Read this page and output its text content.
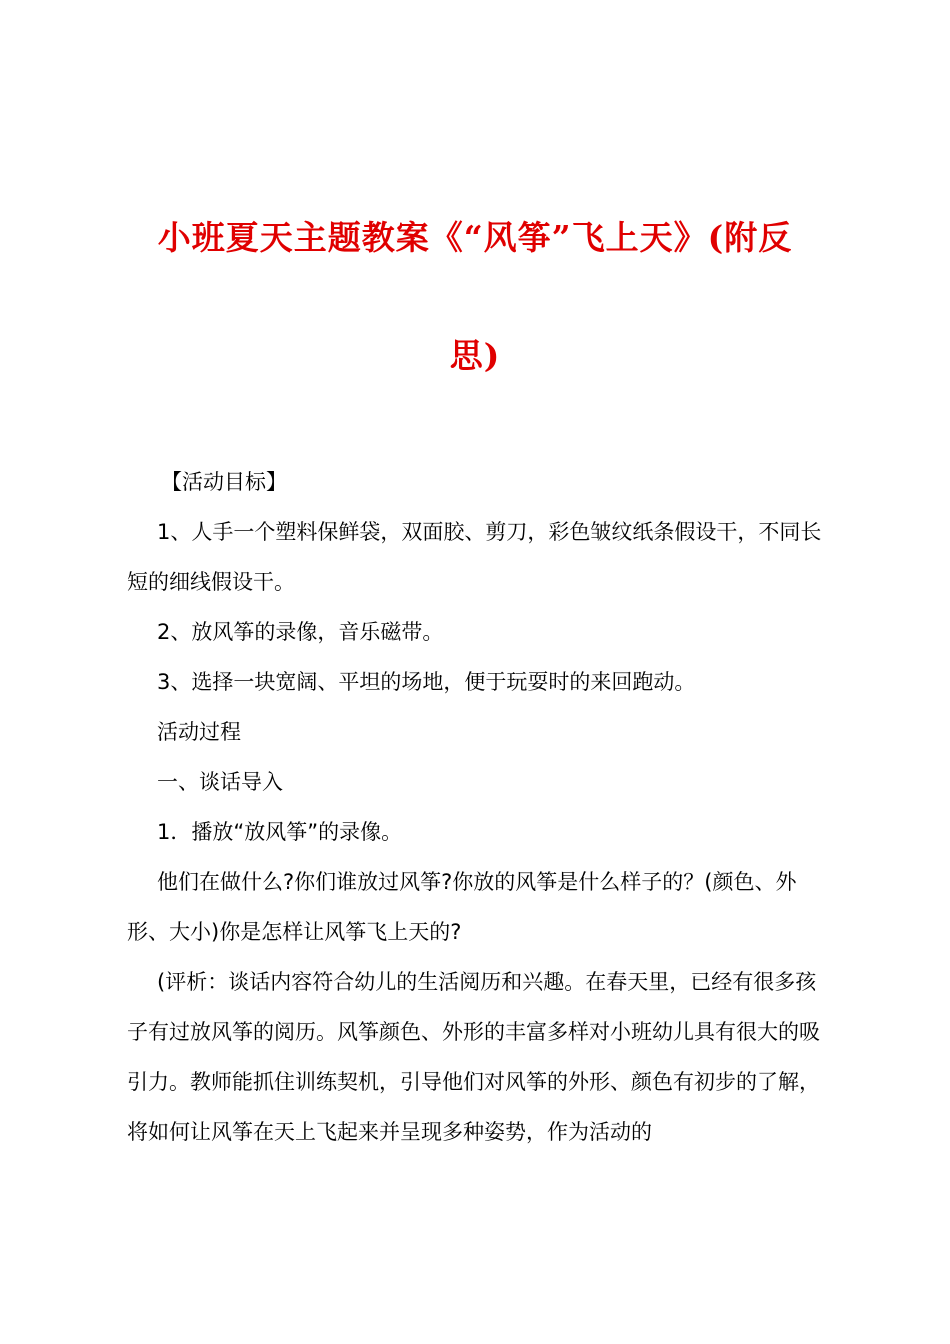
小班夏天主题教案《“风筝”飞上天》(附反
思)

【活动目标】

1、人手一个塑料保鲜袋，双面胶、剪刀，彩色皱纹纸条假设干，不同长短的细线假设干。

2、放风筝的录像，音乐磁带。

3、选择一块宽阔、平坦的场地，便于玩耍时的来回跑动。

活动过程

一、谈话导入

1．播放“放风筝”的录像。

他们在做什么?你们谁放过风筝?你放的风筝是什么样子的？(颜色、外形、大小)你是怎样让风筝飞上天的?

(评析：谈话内容符合幼儿的生活阅历和兴趣。在春天里，已经有很多孩子有过放风筝的阅历。风筝颜色、外形的丰富多样对小班幼儿具有很大的吸引力。教师能抓住训练契机，引导他们对风筝的外形、颜色有初步的了解，将如何让风筝在天上飞起来并呈现多种姿势，作为活动的
